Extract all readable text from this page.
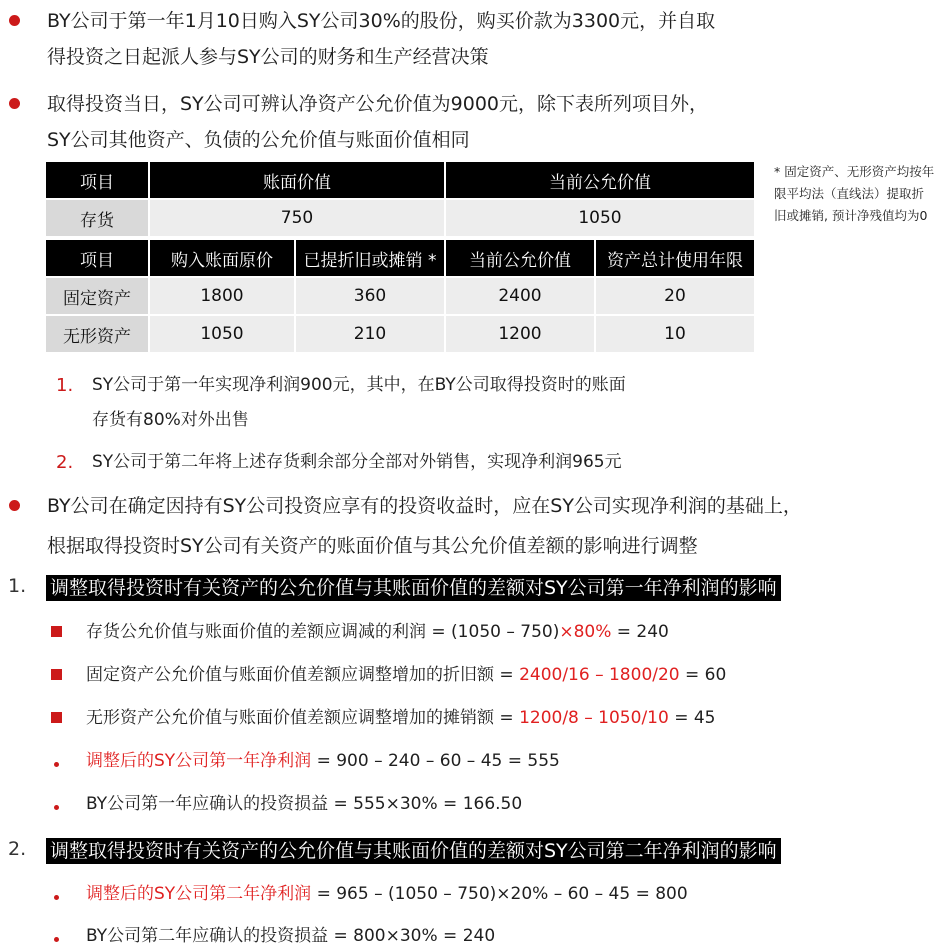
BY公司于第一年1月10日购入SY公司30%的股份，购买价款为3300元，并自取
得投资之日起派人参与SY公司的财务和生产经营决策
取得投资当日，SY公司可辨认净资产公允价值为9000元，除下表所列项目外，
SY公司其他资产、负债的公允价值与账面价值相同
项目	账面价值	当前公允价值
存货	750	1050
项目	购入账面原价	已提折旧或摊销 *	当前公允价值	资产总计使用年限
固定资产	1800	360	2400	20
无形资产	1050	210	1200	10
* 固定资产、无形资产均按年
限平均法（直线法）提取折
旧或摊销, 预计净残值均为0
1. SY公司于第一年实现净利润900元，其中，在BY公司取得投资时的账面
存货有80%对外出售
2. SY公司于第二年将上述存货剩余部分全部对外销售，实现净利润965元
BY公司在确定因持有SY公司投资应享有的投资收益时，应在SY公司实现净利润的基础上，
根据取得投资时SY公司有关资产的账面价值与其公允价值差额的影响进行调整
1. 调整取得投资时有关资产的公允价值与其账面价值的差额对SY公司第一年净利润的影响
存货公允价值与账面价值的差额应调减的利润 = (1050 – 750)×80% = 240
固定资产公允价值与账面价值差额应调整增加的折旧额 = 2400/16 – 1800/20 = 60
无形资产公允价值与账面价值差额应调整增加的摊销额 = 1200/8 – 1050/10 = 45
调整后的SY公司第一年净利润 = 900 – 240 – 60 – 45 = 555
BY公司第一年应确认的投资损益 = 555×30% = 166.50
2. 调整取得投资时有关资产的公允价值与其账面价值的差额对SY公司第二年净利润的影响
调整后的SY公司第二年净利润 = 965 – (1050 – 750)×20% – 60 – 45 = 800
BY公司第二年应确认的投资损益 = 800×30% = 240
